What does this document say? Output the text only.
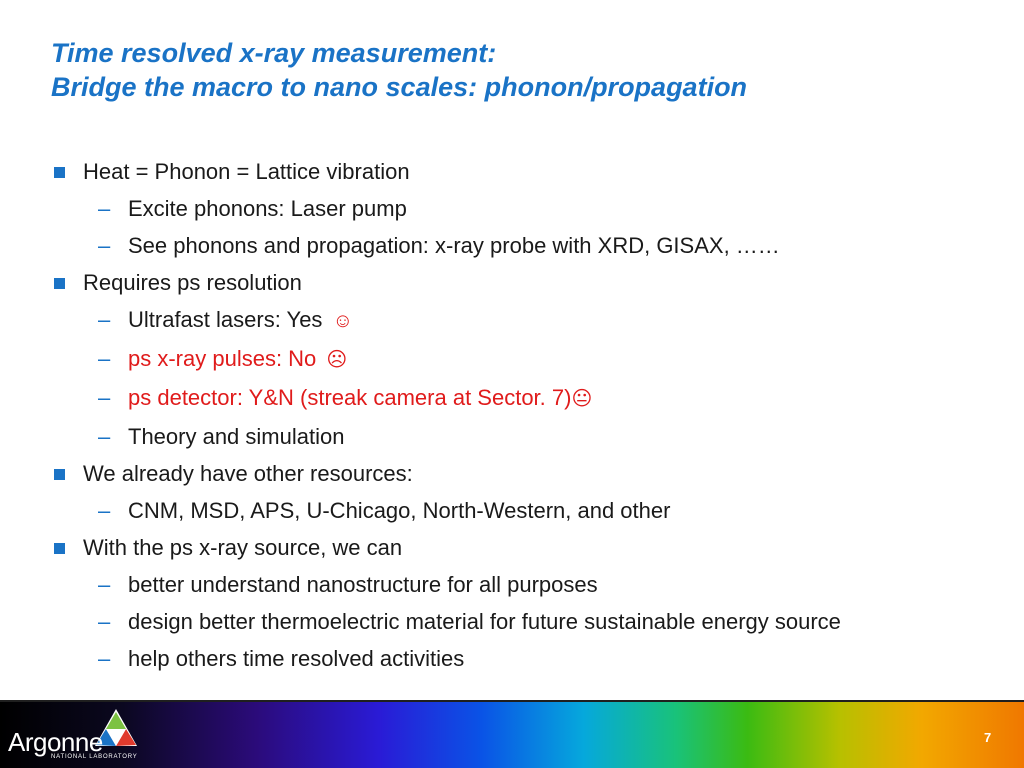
Time resolved x-ray measurement:
Bridge the macro to nano scales: phonon/propagation
Heat = Phonon = Lattice vibration
– Excite phonons: Laser pump
– See phonons and propagation: x-ray probe with XRD, GISAX, ……
Requires ps resolution
– Ultrafast lasers: Yes ☺
– ps x-ray pulses: No ☹
– ps detector: Y&N (streak camera at Sector. 7)😐
– Theory and simulation
We already have other resources:
– CNM, MSD, APS, U-Chicago, North-Western, and other
With the ps x-ray source, we can
– better understand nanostructure for all purposes
– design better thermoelectric material for future sustainable energy source
– help others time resolved activities
Argonne
NATIONAL LABORATORY
7
